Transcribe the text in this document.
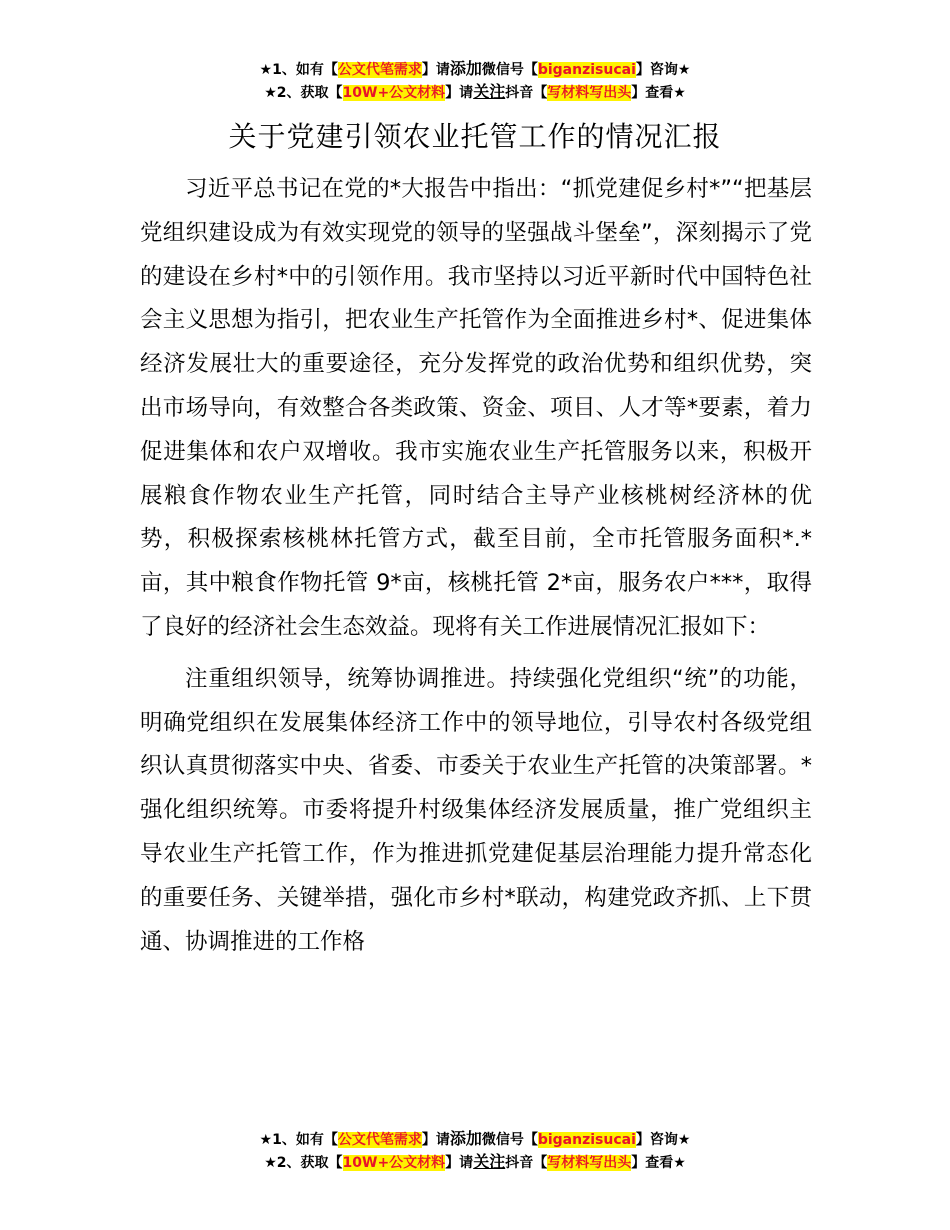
★1、如有【公文代笔需求】请添加微信号【biganzisucai】咨询★
★2、获取【10W+公文材料】请关注抖音【写材料写出头】查看★
关于党建引领农业托管工作的情况汇报

习近平总书记在党的*大报告中指出：“抓党建促乡村*”“把基层党组织建设成为有效实现党的领导的坚强战斗堡垒”，深刻揭示了党的建设在乡村*中的引领作用。我市坚持以习近平新时代中国特色社会主义思想为指引，把农业生产托管作为全面推进乡村*、促进集体经济发展壮大的重要途径，充分发挥党的政治优势和组织优势，突出市场导向，有效整合各类政策、资金、项目、人才等*要素，着力促进集体和农户双增收。我市实施农业生产托管服务以来，积极开展粮食作物农业生产托管，同时结合主导产业核桃树经济林的优势，积极探索核桃林托管方式，截至目前，全市托管服务面积*.*亩，其中粮食作物托管 9*亩，核桃托管 2*亩，服务农户***，取得了良好的经济社会生态效益。现将有关工作进展情况汇报如下：

注重组织领导，统筹协调推进。持续强化党组织“统”的功能，明确党组织在发展集体经济工作中的领导地位，引导农村各级党组织认真贯彻落实中央、省委、市委关于农业生产托管的决策部署。*强化组织统筹。市委将提升村级集体经济发展质量，推广党组织主导农业生产托管工作，作为推进抓党建促基层治理能力提升常态化的重要任务、关键举措，强化市乡村*联动，构建党政齐抓、上下贯通、协调推进的工作格

★1、如有【公文代笔需求】请添加微信号【biganzisucai】咨询★
★2、获取【10W+公文材料】请关注抖音【写材料写出头】查看★
